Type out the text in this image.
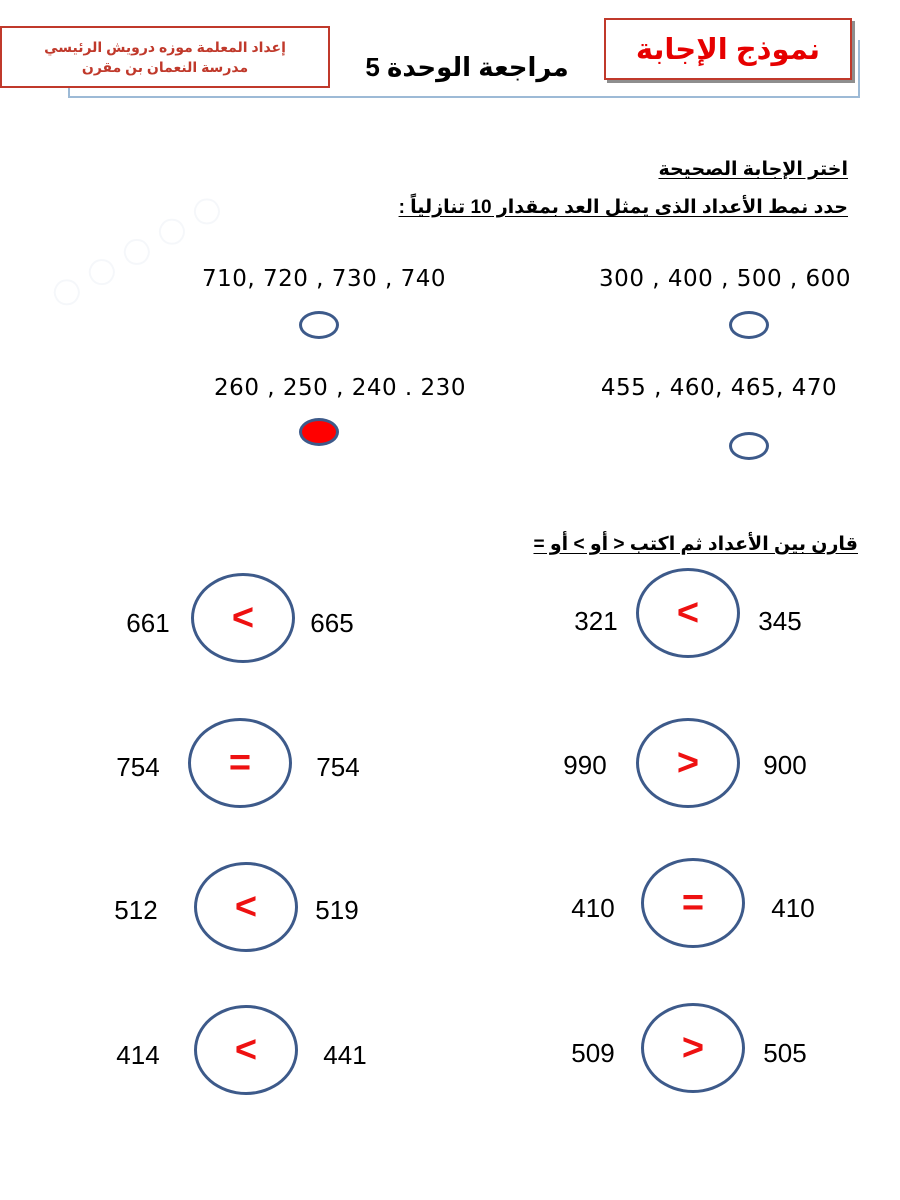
○ ○ ○ ○ ○
إعداد المعلمة موزه درويش الرئيسي
مدرسة النعمان بن مقرن	مراجعة الوحدة 5
نموذج الإجابة
اختر الإجابة الصحيحة
حدد نمط الأعداد الذى يمثل العد بمقدار 10 تنازلياً :
300 , 400 , 500 , 600
710, 720 , 730 , 740
455 , 460, 465, 470
260 , 250 , 240 . 230
قارن بين الأعداد ثم اكتب < أو > أو =
321	<	345
661	<	665
990	>	900
754	=	754
410	=	410
512	<	519
509	>	505
414	<	441
